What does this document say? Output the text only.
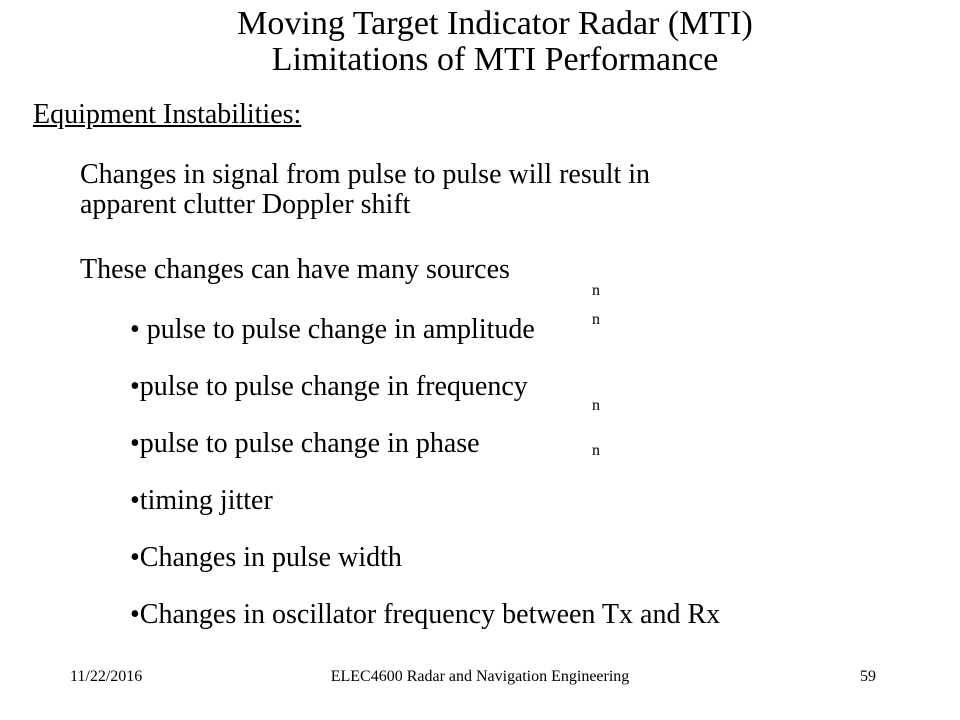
Moving Target Indicator Radar (MTI)
Limitations of MTI Performance
Equipment Instabilities:
Changes in signal from pulse to pulse will result in
apparent clutter Doppler shift
These changes can have many sources
• pulse to pulse change in amplitude
•pulse to pulse change in frequency
•pulse to pulse change in phase
•timing jitter
•Changes in pulse width
•Changes in oscillator frequency between Tx and Rx
n
n
n
n
11/22/2016	ELEC4600 Radar and Navigation Engineering	59
